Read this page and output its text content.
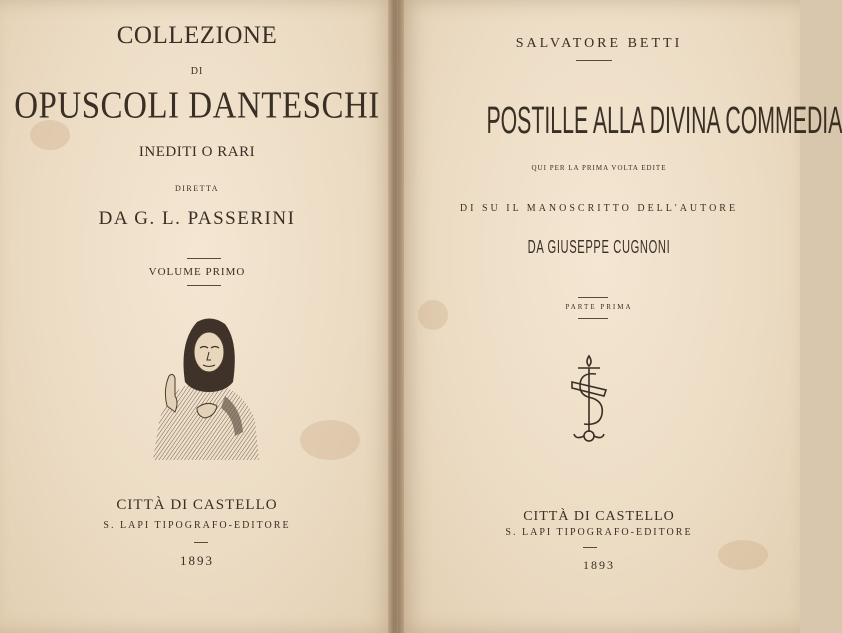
COLLEZIONE
DI
OPUSCOLI DANTESCHI
INEDITI O RARI
DIRETTA
DA G. L. PASSERINI
VOLUME PRIMO
CITTÀ DI CASTELLO
S. LAPI TIPOGRAFO-EDITORE
1893
SALVATORE BETTI
POSTILLE ALLA DIVINA COMMEDIA
QUI PER LA PRIMA VOLTA EDITE
DI SU IL MANOSCRITTO DELL'AUTORE
DA GIUSEPPE CUGNONI
PARTE PRIMA
CITTÀ DI CASTELLO
S. LAPI TIPOGRAFO-EDITORE
1893
